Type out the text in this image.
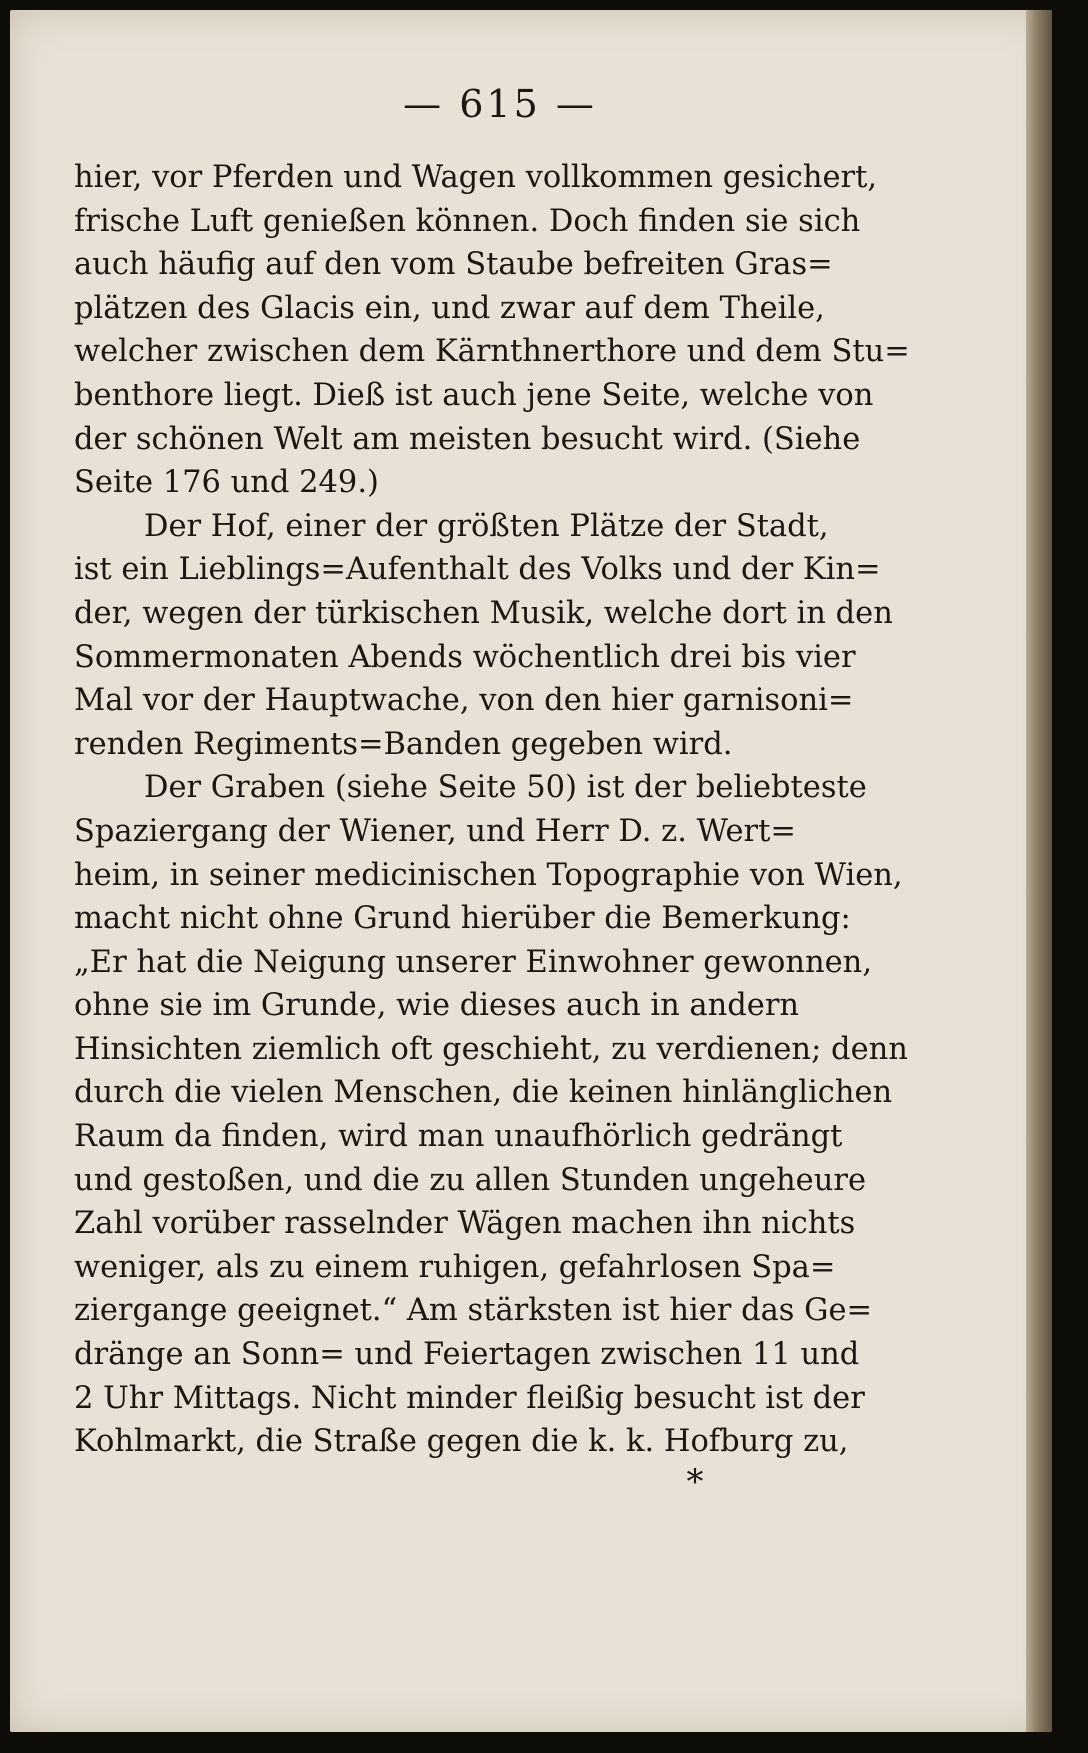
— 615 —
hier, vor Pferden und Wagen vollkommen gesichert,
frische Luft genießen können. Doch finden sie sich
auch häufig auf den vom Staube befreiten Gras=
plätzen des Glacis ein, und zwar auf dem Theile,
welcher zwischen dem Kärnthnerthore und dem Stu=
benthore liegt. Dieß ist auch jene Seite, welche von
der schönen Welt am meisten besucht wird. (Siehe
Seite 176 und 249.)
Der Hof, einer der größten Plätze der Stadt,
ist ein Lieblings=Aufenthalt des Volks und der Kin=
der, wegen der türkischen Musik, welche dort in den
Sommermonaten Abends wöchentlich drei bis vier
Mal vor der Hauptwache, von den hier garnisoni=
renden Regiments=Banden gegeben wird.
Der Graben (siehe Seite 50) ist der beliebteste
Spaziergang der Wiener, und Herr D. z. Wert=
heim, in seiner medicinischen Topographie von Wien,
macht nicht ohne Grund hierüber die Bemerkung:
„Er hat die Neigung unserer Einwohner gewonnen,
ohne sie im Grunde, wie dieses auch in andern
Hinsichten ziemlich oft geschieht, zu verdienen; denn
durch die vielen Menschen, die keinen hinlänglichen
Raum da finden, wird man unaufhörlich gedrängt
und gestoßen, und die zu allen Stunden ungeheure
Zahl vorüber rasselnder Wägen machen ihn nichts
weniger, als zu einem ruhigen, gefahrlosen Spa=
ziergange geeignet.“ Am stärksten ist hier das Ge=
dränge an Sonn= und Feiertagen zwischen 11 und
2 Uhr Mittags. Nicht minder fleißig besucht ist der
Kohlmarkt, die Straße gegen die k. k. Hofburg zu,
*
